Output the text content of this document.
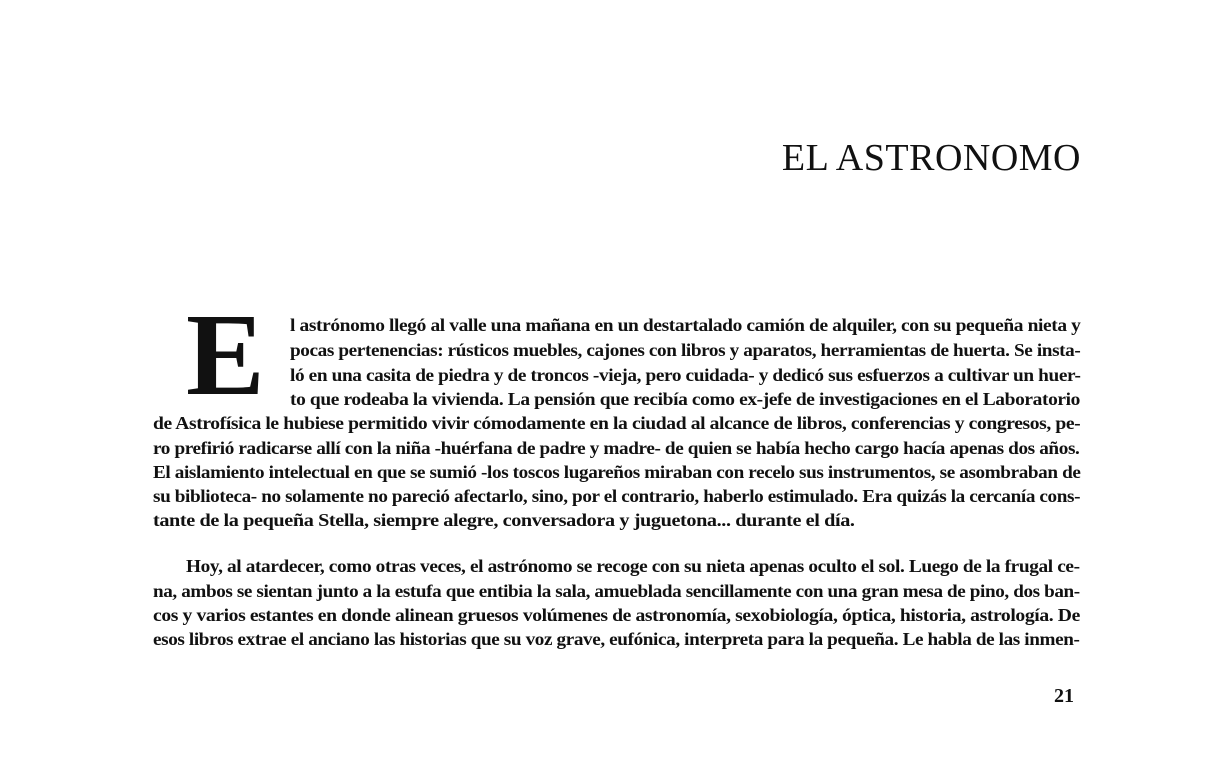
EL ASTRONOMO
E l astrónomo llegó al valle una mañana en un destartalado camión de alquiler, con su pequeña nieta y
pocas pertenencias: rústicos muebles, cajones con libros y aparatos, herramientas de huerta. Se insta-
ló en una casita de piedra y de troncos -vieja, pero cuidada- y dedicó sus esfuerzos a cultivar un huer-
to que rodeaba la vivienda. La pensión que recibía como ex-jefe de investigaciones en el Laboratorio
de Astrofísica le hubiese permitido vivir cómodamente en la ciudad al alcance de libros, conferencias y congresos, pe-
ro prefirió radicarse allí con la niña -huérfana de padre y madre- de quien se había hecho cargo hacía apenas dos años.
El aislamiento intelectual en que se sumió -los toscos lugareños miraban con recelo sus instrumentos, se asombraban de
su biblioteca- no solamente no pareció afectarlo, sino, por el contrario, haberlo estimulado. Era quizás la cercanía cons-
tante de la pequeña Stella, siempre alegre, conversadora y juguetona... durante el día.
Hoy, al atardecer, como otras veces, el astrónomo se recoge con su nieta apenas oculto el sol. Luego de la frugal ce-
na, ambos se sientan junto a la estufa que entibia la sala, amueblada sencillamente con una gran mesa de pino, dos ban-
cos y varios estantes en donde alinean gruesos volúmenes de astronomía, sexobiología, óptica, historia, astrología. De
esos libros extrae el anciano las historias que su voz grave, eufónica, interpreta para la pequeña. Le habla de las inmen-
21
